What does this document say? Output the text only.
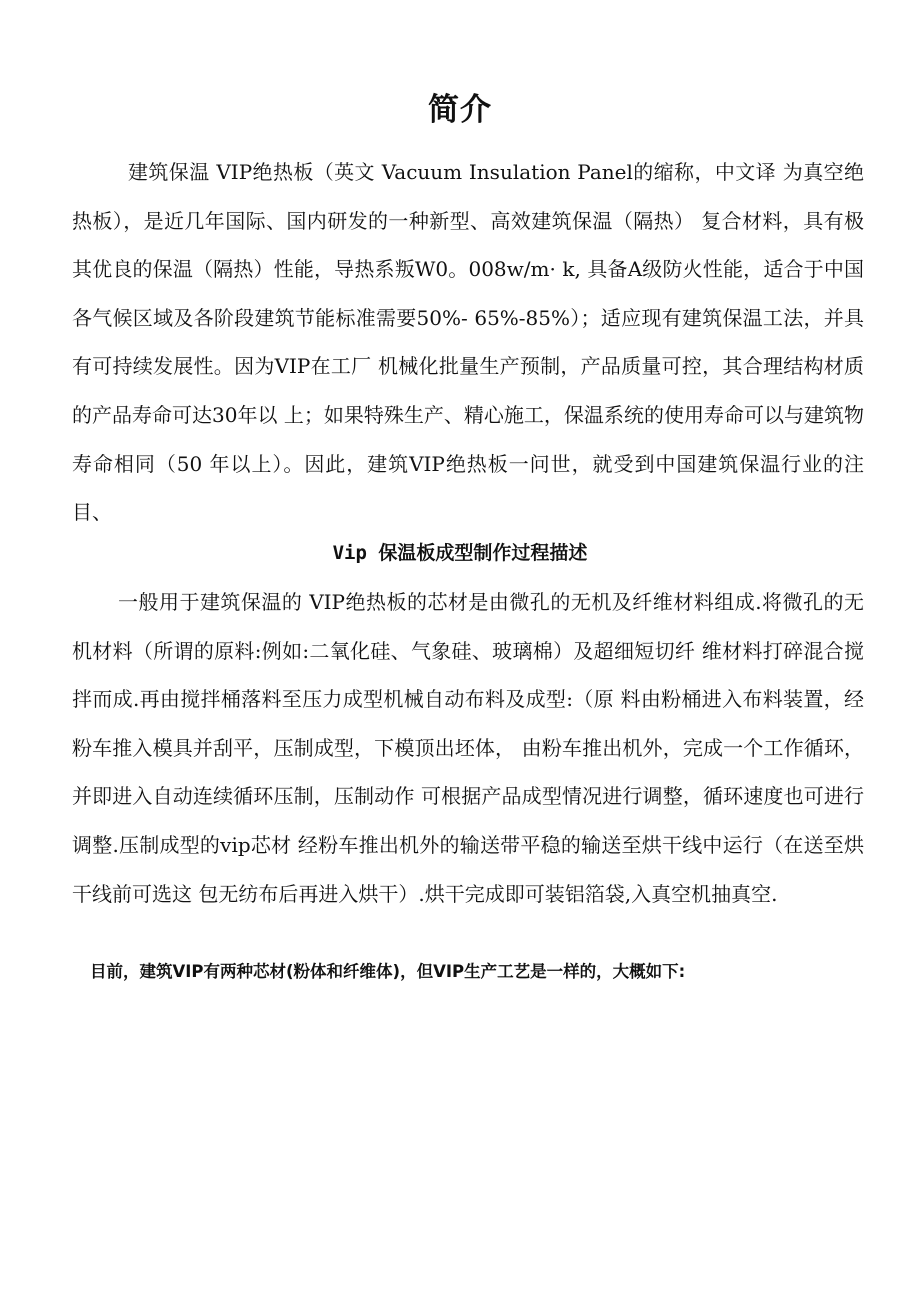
简介

建筑保温 VIP绝热板（英文 Vacuum Insulation Panel的缩称，中文译 为真空绝热板），是近几年国际、国内研发的一种新型、高效建筑保温（隔热） 复合材料，具有极其优良的保温（隔热）性能，导热系叛W0。008w/m· k, 具备A级防火性能，适合于中国各气候区域及各阶段建筑节能标准需要50%- 65%-85%）；适应现有建筑保温工法，并具有可持续发展性。因为VIP在工厂 机械化批量生产预制，产品质量可控，其合理结构材质的产品寿命可达30年以 上；如果特殊生产、精心施工，保温系统的使用寿命可以与建筑物寿命相同（50 年以上）。因此，建筑VIP绝热板一问世，就受到中国建筑保温行业的注目、

Vip 保温板成型制作过程描述

一般用于建筑保温的 VIP绝热板的芯材是由微孔的无机及纤维材料组成.将微孔的无机材料（所谓的原料:例如:二氧化硅、气象硅、玻璃棉）及超细短切纤 维材料打碎混合搅拌而成.再由搅拌桶落料至压力成型机械自动布料及成型:（原 料由粉桶进入布料装置，经粉车推入模具并刮平，压制成型，下模顶出坯体， 由粉车推出机外，完成一个工作循环，并即进入自动连续循环压制，压制动作 可根据产品成型情况进行调整，循环速度也可进行调整.压制成型的vip芯材 经粉车推出机外的输送带平稳的输送至烘干线中运行（在送至烘干线前可选这 包无纺布后再进入烘干）.烘干完成即可装铝箔袋,入真空机抽真空.

目前，建筑VIP有两种芯材(粉体和纤维体)，但VIP生产工艺是一样的，大概如下:
